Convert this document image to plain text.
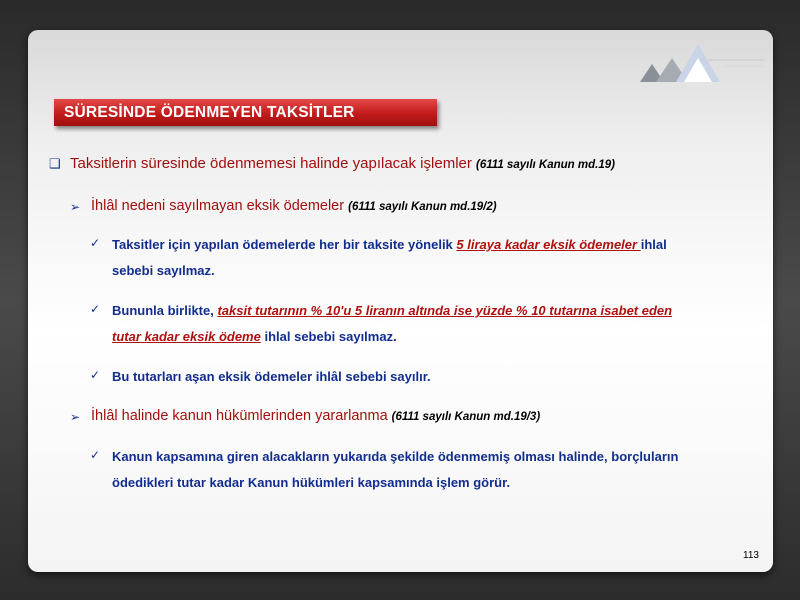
SÜRESİNDE ÖDENMEYEN TAKSİTLER
❑ Taksitlerin süresinde ödenmemesi halinde yapılacak işlemler (6111 sayılı Kanun md.19)
➢ İhlâl nedeni sayılmayan eksik ödemeler (6111 sayılı Kanun md.19/2)
✓ Taksitler için yapılan ödemelerde her bir taksite yönelik 5 liraya kadar eksik ödemeler ihlal
sebebi sayılmaz.
✓ Bununla birlikte, taksit tutarının % 10'u 5 liranın altında ise yüzde % 10 tutarına isabet eden
tutar kadar eksik ödeme ihlal sebebi sayılmaz.
✓ Bu tutarları aşan eksik ödemeler ihlâl sebebi sayılır.
➢ İhlâl halinde kanun hükümlerinden yararlanma (6111 sayılı Kanun md.19/3)
✓ Kanun kapsamına giren alacakların yukarıda şekilde ödenmemiş olması halinde, borçluların
ödedikleri tutar kadar Kanun hükümleri kapsamında işlem görür.
113
